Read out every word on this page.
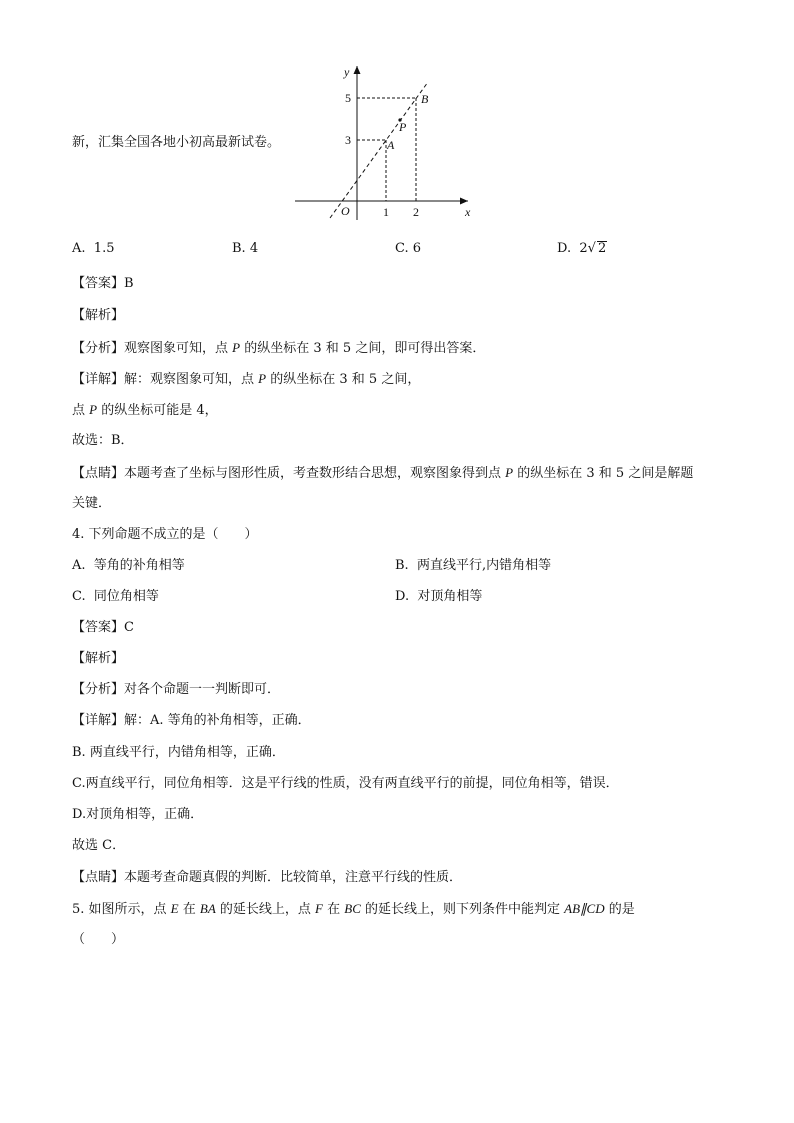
新，汇集全国各地小初高最新试卷。
y
x
O
5
3
1 2
A
B
P
A. 1.5	B. 4	C. 6	D. 2√ 2
【答案】B
【解析】
【分析】观察图象可知，点 P 的纵坐标在 3 和 5 之间，即可得出答案．
【详解】解：观察图象可知，点 P 的纵坐标在 3 和 5 之间，
点 P 的纵坐标可能是 4，
故选：B．
【点睛】本题考查了坐标与图形性质，考查数形结合思想，观察图象得到点 P 的纵坐标在 3 和 5 之间是解题
关键．
4. 下列命题不成立的是（　　）
A. 等角的补角相等	B. 两直线平行,内错角相等
C. 同位角相等	D. 对顶角相等
【答案】C
【解析】
【分析】对各个命题一一判断即可．
【详解】解：A. 等角的补角相等，正确．
B. 两直线平行，内错角相等，正确．
C.两直线平行，同位角相等．这是平行线的性质，没有两直线平行的前提，同位角相等，错误．
D.对顶角相等，正确．
故选 C．
【点睛】本题考查命题真假的判断．比较简单，注意平行线的性质．
5. 如图所示，点 E 在 BA 的延长线上，点 F 在 BC 的延长线上，则下列条件中能判定 AB∥CD 的是
（　　）
